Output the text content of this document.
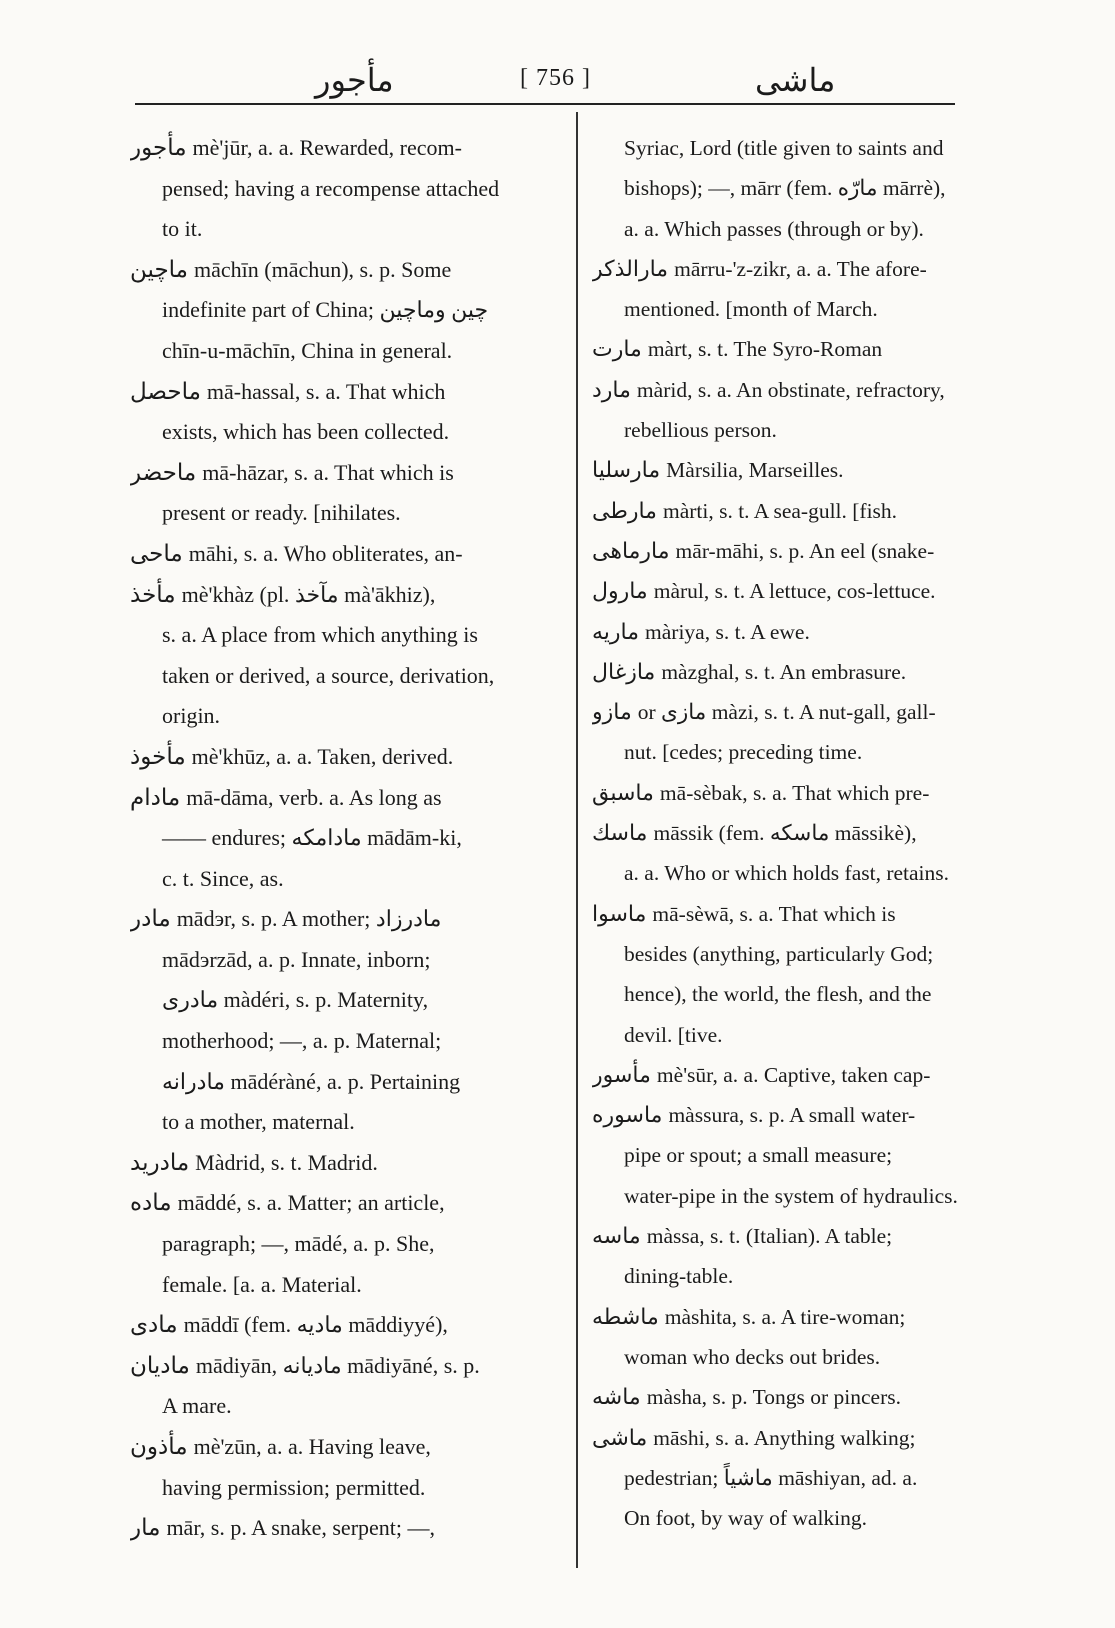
مأجور	[ 756 ]	ماشی
مأجور mè'jūr, a. a. Rewarded, recom-
pensed; having a recompense attached
to it.
ماچین māchīn (māchun), s. p. Some
indefinite part of China; چین وماچین
chīn-u-māchīn, China in general.
ماحصل mā-hassal, s. a. That which
exists, which has been collected.
ماحضر mā-hāzar, s. a. That which is
present or ready. [nihilates.
ماحی māhi, s. a. Who obliterates, an-
مأخذ mè'khàz (pl. مآخذ mà'ākhiz),
s. a. A place from which anything is
taken or derived, a source, derivation,
origin.
مأخوذ mè'khūz, a. a. Taken, derived.
مادام mā-dāma, verb. a. As long as
—— endures; مادامکه mādām-ki,
c. t. Since, as.
مادر mādэr, s. p. A mother; مادرزاد
mādэrzād, a. p. Innate, inborn;
مادری màdéri, s. p. Maternity,
motherhood; —, a. p. Maternal;
مادرانه mādéràné, a. p. Pertaining
to a mother, maternal.
مادرید Màdrid, s. t. Madrid.
ماده māddé, s. a. Matter; an article,
paragraph; —, mādé, a. p. She,
female. [a. a. Material.
مادی māddī (fem. مادیه māddiyyé),
مادیان mādiyān, مادیانه mādiyāné, s. p.
A mare.
مأذون mè'zūn, a. a. Having leave,
having permission; permitted.
مار mār, s. p. A snake, serpent; —,
Syriac, Lord (title given to saints and
bishops); —, mārr (fem. مارّه mārrè),
a. a. Which passes (through or by).
مارالذکر mārru-'z-zikr, a. a. The afore-
mentioned. [month of March.
مارت màrt, s. t. The Syro-Roman
مارد màrid, s. a. An obstinate, refractory,
rebellious person.
مارسلیا Màrsilia, Marseilles.
مارطی màrti, s. t. A sea-gull. [fish.
مارماهی mār-māhi, s. p. An eel (snake-
مارول màrul, s. t. A lettuce, cos-lettuce.
ماریه màriya, s. t. A ewe.
مازغال màzghal, s. t. An embrasure.
مازو or مازی màzi, s. t. A nut-gall, gall-
nut. [cedes; preceding time.
ماسبق mā-sèbak, s. a. That which pre-
ماسك māssik (fem. ماسکه māssikè),
a. a. Who or which holds fast, retains.
ماسوا mā-sèwā, s. a. That which is
besides (anything, particularly God;
hence), the world, the flesh, and the
devil. [tive.
مأسور mè'sūr, a. a. Captive, taken cap-
ماسوره màssura, s. p. A small water-
pipe or spout; a small measure;
water-pipe in the system of hydraulics.
ماسه màssa, s. t. (Italian). A table;
dining-table.
ماشطه màshita, s. a. A tire-woman;
woman who decks out brides.
ماشه màsha, s. p. Tongs or pincers.
ماشی māshi, s. a. Anything walking;
pedestrian; ماشیاً māshiyan, ad. a.
On foot, by way of walking.
